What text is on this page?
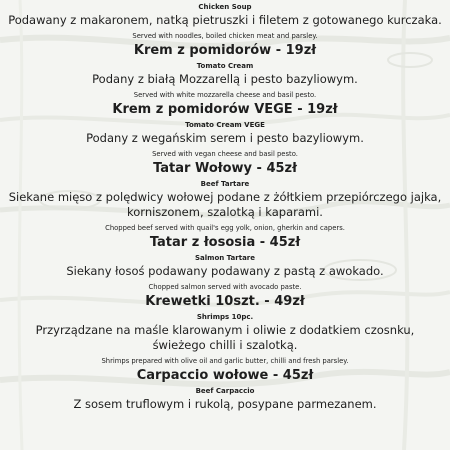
Chicken Soup
Podawany z makaronem, natką pietruszki i filetem z gotowanego kurczaka.
Served with noodles, boiled chicken meat and parsley.
Krem z pomidorów - 19zł
Tomato Cream
Podany z białą Mozzarellą i pesto bazyliowym.
Served with white mozzarella cheese and basil pesto.
Krem z pomidorów VEGE - 19zł
Tomato Cream VEGE
Podany z wegańskim serem i pesto bazyliowym.
Served with vegan cheese and basil pesto.
Tatar Wołowy - 45zł
Beef Tartare
Siekane mięso z polędwicy wołowej podane z żółtkiem przepiórczego jajka, korniszonem, szalotką i kaparami.
Chopped beef served with quail's egg yolk, onion, gherkin and capers.
Tatar z łososia - 45zł
Salmon Tartare
Siekany łosoś podawany podawany z pastą z awokado.
Chopped salmon served with avocado paste.
Krewetki 10szt. - 49zł
Shrimps 10pc.
Przyrządzane na maśle klarowanym i oliwie z dodatkiem czosnku, świeżego chilli i szalotką.
Shrimps prepared with olive oil and garlic butter, chilli and fresh parsley.
Carpaccio wołowe - 45zł
Beef Carpaccio
Z sosem truflowym i rukolą, posypane parmezanem.
